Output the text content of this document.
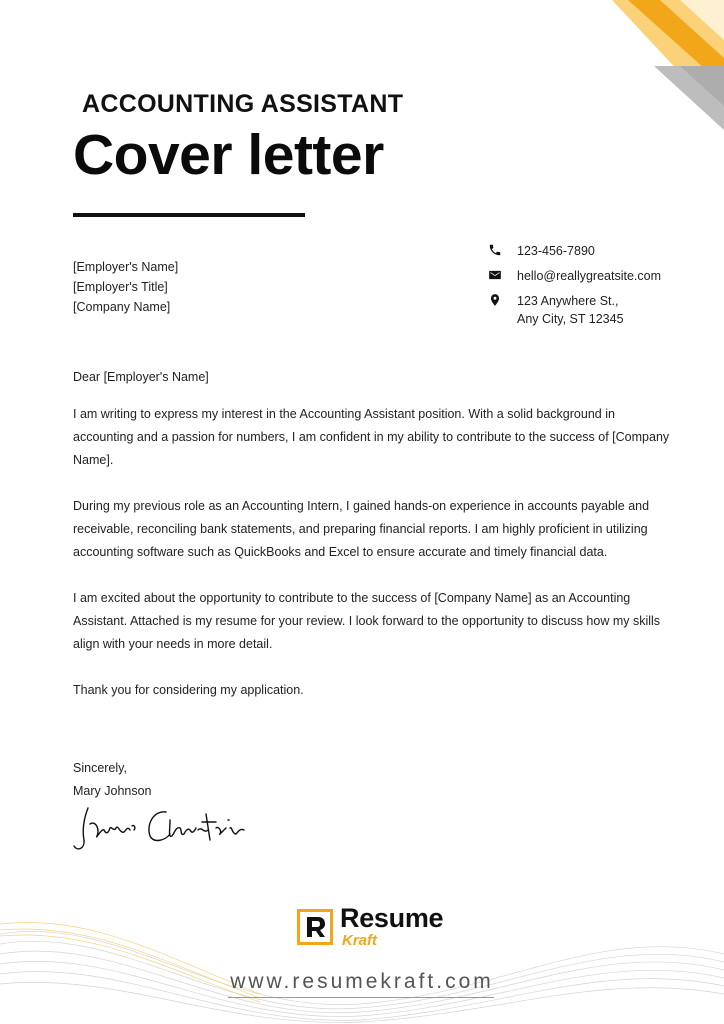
ACCOUNTING ASSISTANT
Cover letter
[Employer's Name]
[Employer's Title]
[Company Name]
123-456-7890
hello@reallygreatsite.com
123 Anywhere St.,
Any City, ST 12345

Dear [Employer's Name]

I am writing to express my interest in the Accounting Assistant position. With a solid background in accounting and a passion for numbers, I am confident in my ability to contribute to the success of [Company Name].

During my previous role as an Accounting Intern, I gained hands-on experience in accounts payable and receivable, reconciling bank statements, and preparing financial reports. I am highly proficient in utilizing accounting software such as QuickBooks and Excel to ensure accurate and timely financial data.

I am excited about the opportunity to contribute to the success of [Company Name] as an Accounting Assistant. Attached is my resume for your review. I look forward to the opportunity to discuss how my skills align with your needs in more detail.

Thank you for considering my application.

Sincerely,
Mary Johnson
Resume
Kraft
www.resumekraft.com
